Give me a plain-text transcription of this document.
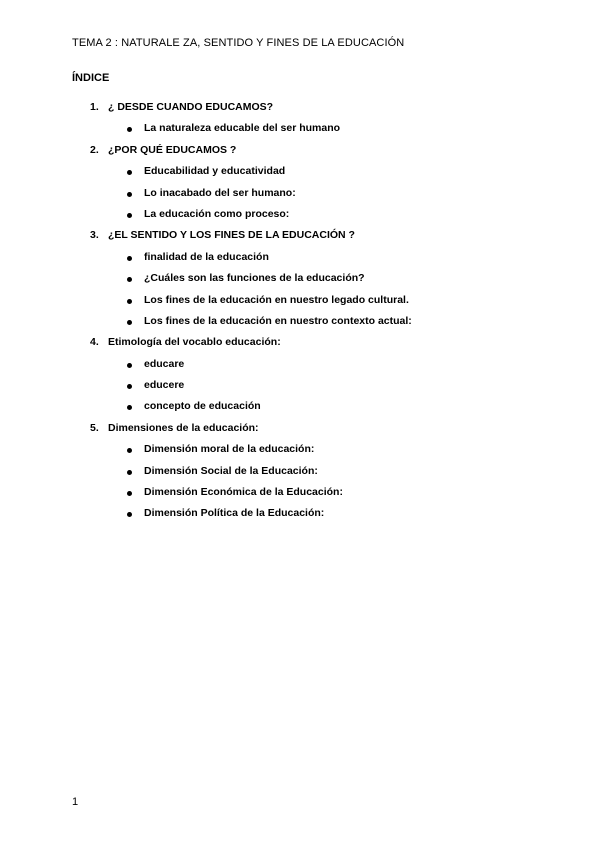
TEMA 2 : NATURALE ZA, SENTIDO Y FINES DE LA EDUCACIÓN
ÍNDICE
1. ¿ DESDE CUANDO EDUCAMOS?
La naturaleza educable del ser humano
2. ¿POR QUÉ EDUCAMOS ?
Educabilidad y educatividad
Lo inacabado del ser humano:
La educación como proceso:
3. ¿EL SENTIDO Y LOS FINES DE LA EDUCACIÓN ?
finalidad de la educación
¿Cuáles son las funciones de la educación?
Los fines de la educación en nuestro legado cultural.
Los fines de la educación en nuestro contexto actual:
4. Etimología del vocablo educación:
educare
educere
concepto de educación
5. Dimensiones de la educación:
Dimensión moral de la educación:
Dimensión Social de la Educación:
Dimensión Económica de la Educación:
Dimensión Política de la Educación:
1
